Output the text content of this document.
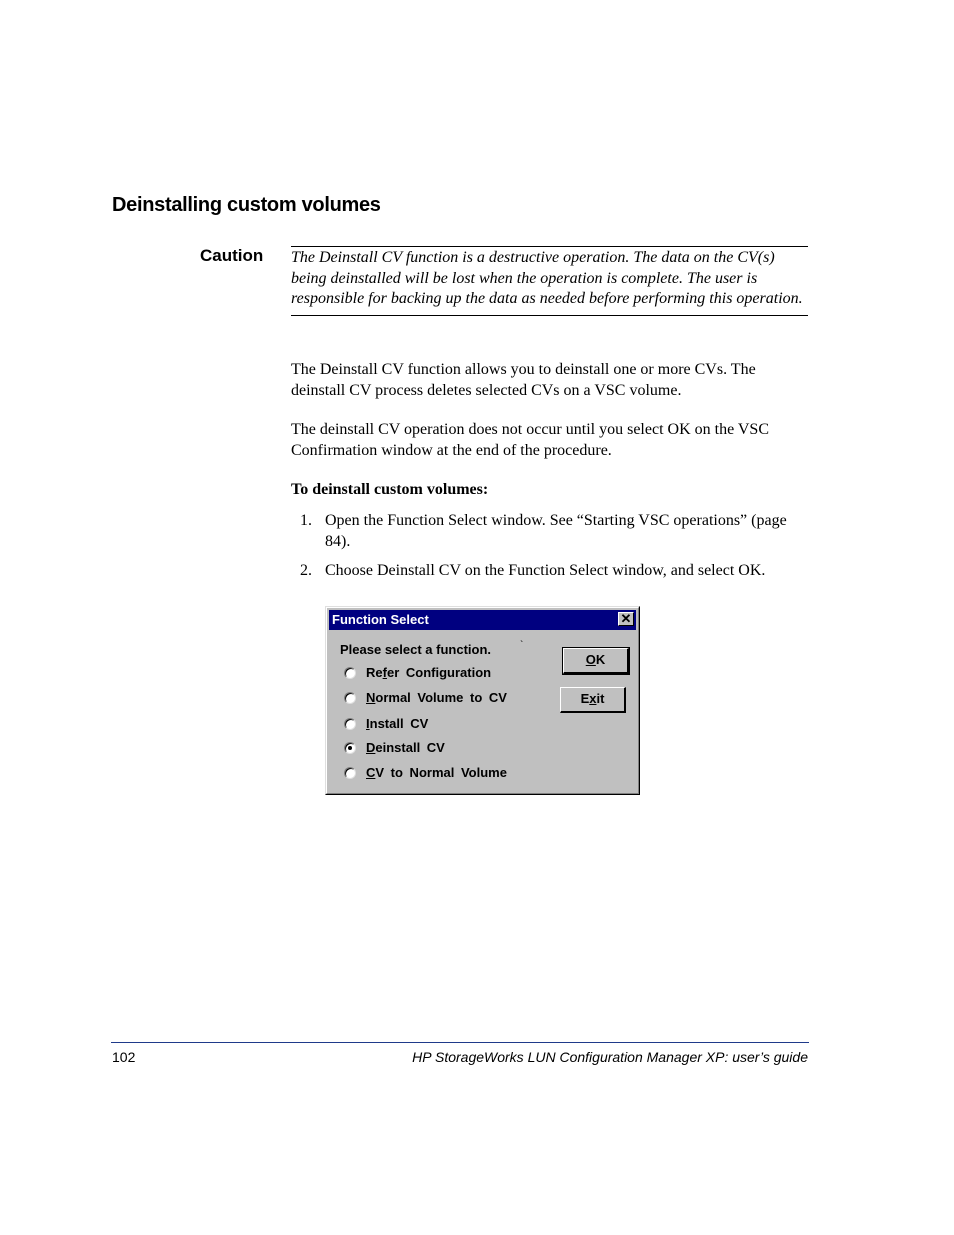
Deinstalling custom volumes
Caution The Deinstall CV function is a destructive operation. The data on the CV(s) being deinstalled will be lost when the operation is complete. The user is responsible for backing up the data as needed before performing this operation.

The Deinstall CV function allows you to deinstall one or more CVs. The deinstall CV process deletes selected CVs on a VSC volume.

The deinstall CV operation does not occur until you select OK on the VSC Confirmation window at the end of the procedure.

To deinstall custom volumes:
1. Open the Function Select window. See “Starting VSC operations” (page 84).
2. Choose Deinstall CV on the Function Select window, and select OK.
Function Select	✕
Please select a function.	`
Refer Configuration
Normal Volume to CV
Install CV
Deinstall CV
CV to Normal Volume
OK
Exit
102	HP StorageWorks LUN Configuration Manager XP: user’s guide
